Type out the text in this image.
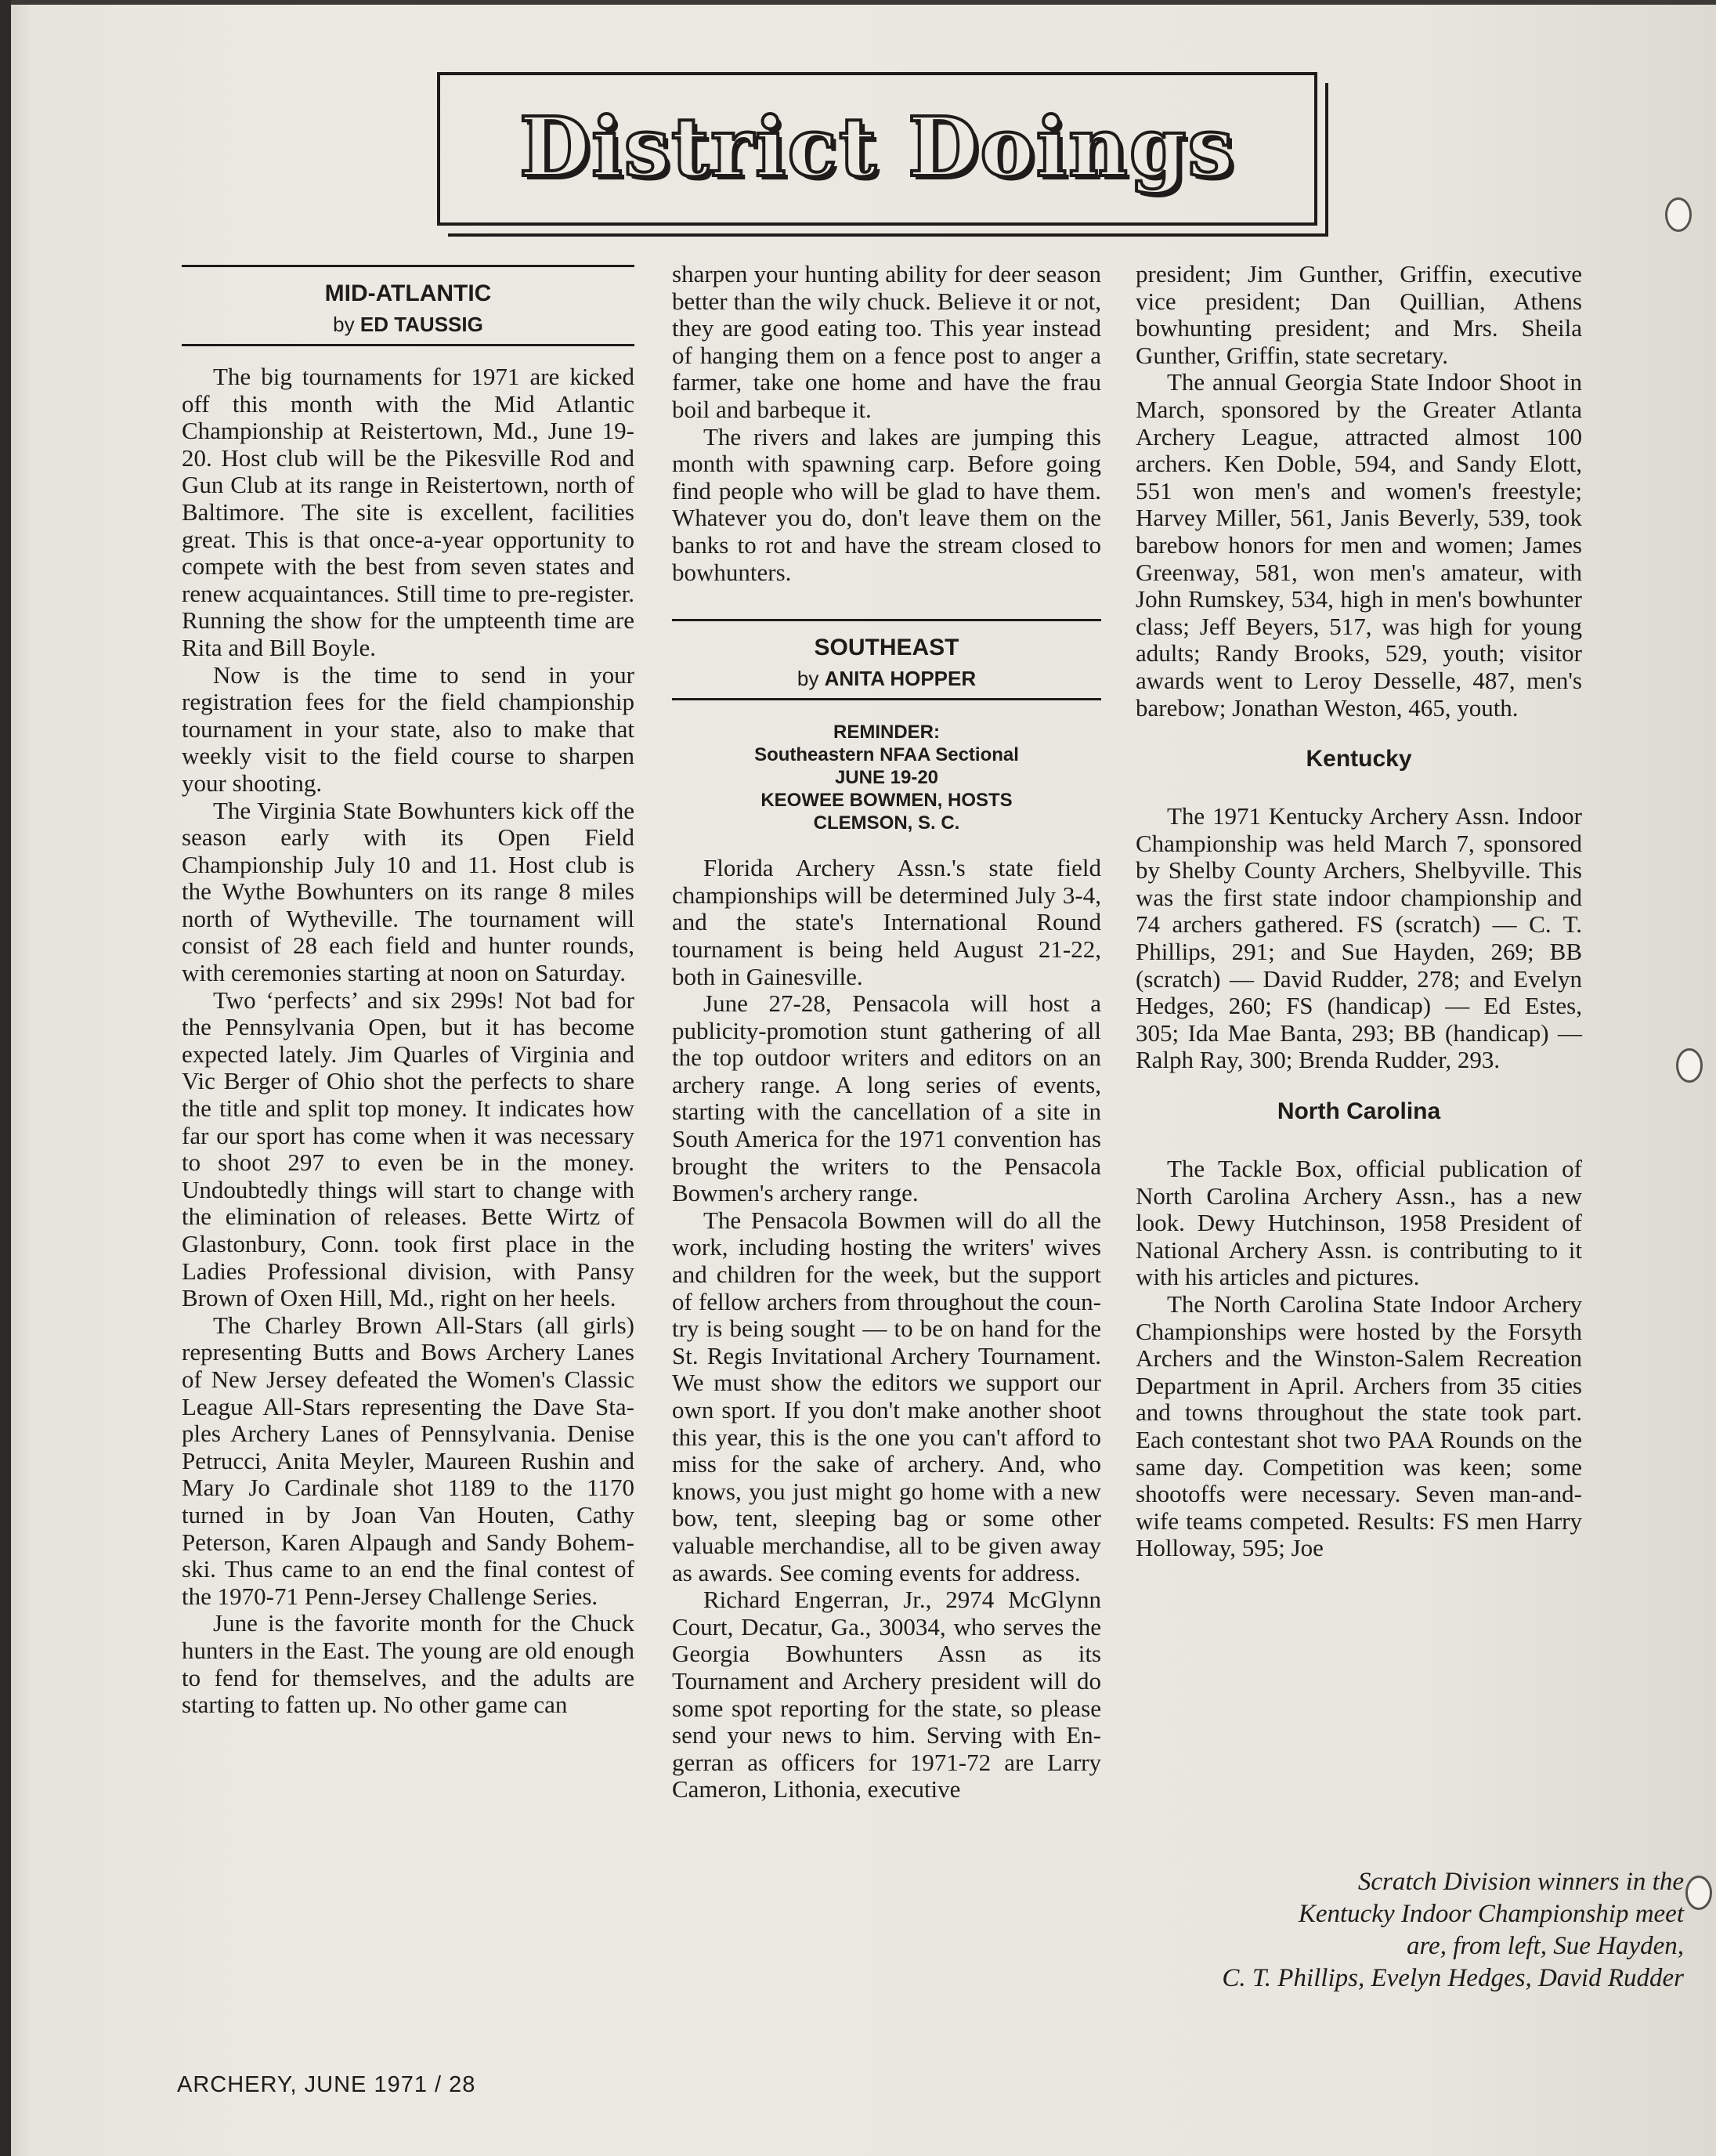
District Doings
MID-ATLANTIC
by ED TAUSSIG

The big tournaments for 1971 are kicked off this month with the Mid Atlantic Championship at Reistertown, Md., June 19-20. Host club will be the Pikesville Rod and Gun Club at its range in Reistertown, north of Baltimore. The site is excellent, facilities great. This is that once-a-year opportunity to compete with the best from seven states and renew acquaintances. Still time to pre-register. Running the show for the umpteenth time are Rita and Bill Boyle.

Now is the time to send in your registration fees for the field championship tournament in your state, also to make that weekly visit to the field course to sharpen your shooting.

The Virginia State Bowhunters kick off the season early with its Open Field Championship July 10 and 11. Host club is the Wythe Bowhunters on its range 8 miles north of Wytheville. The tournament will consist of 28 each field and hunter rounds, with ceremonies starting at noon on Saturday.

Two ‘perfects’ and six 299s! Not bad for the Pennsylvania Open, but it has become expected lately. Jim Quarles of Virginia and Vic Berger of Ohio shot the perfects to share the title and split top money. It indicates how far our sport has come when it was necessary to shoot 297 to even be in the money. Undoubtedly things will start to change with the elimination of releases. Bette Wirtz of Glastonbury, Conn. took first place in the Ladies Professional division, with Pansy Brown of Oxen Hill, Md., right on her heels.

The Charley Brown All-Stars (all girls) representing Butts and Bows Archery Lanes of New Jersey defeated the Women's Classic League All-Stars representing the Dave Staples Archery Lanes of Pennsylvania. Denise Petrucci, Anita Meyler, Maureen Rushin and Mary Jo Cardinale shot 1189 to the 1170 turned in by Joan Van Houten, Cathy Peterson, Karen Alpaugh and Sandy Bohemski. Thus came to an end the final contest of the 1970-71 Penn-Jersey Challenge Series.

June is the favorite month for the Chuck hunters in the East. The young are old enough to fend for themselves, and the adults are starting to fatten up. No other game can

sharpen your hunting ability for deer season better than the wily chuck. Believe it or not, they are good eating too. This year instead of hanging them on a fence post to anger a farmer, take one home and have the frau boil and barbeque it.

The rivers and lakes are jumping this month with spawning carp. Before going find people who will be glad to have them. Whatever you do, don't leave them on the banks to rot and have the stream closed to bowhunters.

SOUTHEAST
by ANITA HOPPER
REMINDER:
Southeastern NFAA Sectional
JUNE 19-20
KEOWEE BOWMEN, HOSTS
CLEMSON, S. C.

Florida Archery Assn.'s state field championships will be determined July 3-4, and the state's International Round tournament is being held August 21-22, both in Gainesville.

June 27-28, Pensacola will host a publicity-promotion stunt gathering of all the top outdoor writers and editors on an archery range. A long series of events, starting with the cancellation of a site in South America for the 1971 convention has brought the writers to the Pensacola Bowmen's archery range.

The Pensacola Bowmen will do all the work, including hosting the writers' wives and children for the week, but the support of fellow archers from throughout the country is being sought — to be on hand for the St. Regis Invitational Archery Tournament. We must show the editors we support our own sport. If you don't make another shoot this year, this is the one you can't afford to miss for the sake of archery. And, who knows, you just might go home with a new bow, tent, sleeping bag or some other valuable merchandise, all to be given away as awards. See coming events for address.

Richard Engerran, Jr., 2974 McGlynn Court, Decatur, Ga., 30034, who serves the Georgia Bowhunters Assn as its Tournament and Archery president will do some spot reporting for the state, so please send your news to him. Serving with Engerran as officers for 1971-72 are Larry Cameron, Lithonia, executive

president; Jim Gunther, Griffin, executive vice president; Dan Quillian, Athens bowhunting president; and Mrs. Sheila Gunther, Griffin, state secretary.

The annual Georgia State Indoor Shoot in March, sponsored by the Greater Atlanta Archery League, attracted almost 100 archers. Ken Doble, 594, and Sandy Elott, 551 won men's and women's freestyle; Harvey Miller, 561, Janis Beverly, 539, took barebow honors for men and women; James Greenway, 581, won men's amateur, with John Rumskey, 534, high in men's bowhunter class; Jeff Beyers, 517, was high for young adults; Randy Brooks, 529, youth; visitor awards went to Leroy Desselle, 487, men's barebow; Jonathan Weston, 465, youth.

Kentucky

The 1971 Kentucky Archery Assn. Indoor Championship was held March 7, sponsored by Shelby County Archers, Shelbyville. This was the first state indoor championship and 74 archers gathered. FS (scratch) — C. T. Phillips, 291; and Sue Hayden, 269; BB (scratch) — David Rudder, 278; and Evelyn Hedges, 260; FS (handicap) — Ed Estes, 305; Ida Mae Banta, 293; BB (handicap) — Ralph Ray, 300; Brenda Rudder, 293.

North Carolina

The Tackle Box, official publication of North Carolina Archery Assn., has a new look. Dewy Hutchinson, 1958 President of National Archery Assn. is contributing to it with his articles and pictures.

The North Carolina State Indoor Archery Championships were hosted by the Forsyth Archers and the Winston-Salem Recreation Department in April. Archers from 35 cities and towns throughout the state took part. Each contestant shot two PAA Rounds on the same day. Competition was keen; some shootoffs were necessary. Seven man-andwife teams competed. Results: FS men Harry Holloway, 595; Joe

Scratch Division winners in the
Kentucky Indoor Championship meet
are, from left, Sue Hayden,
C. T. Phillips, Evelyn Hedges, David Rudder
ARCHERY, JUNE 1971 / 28
